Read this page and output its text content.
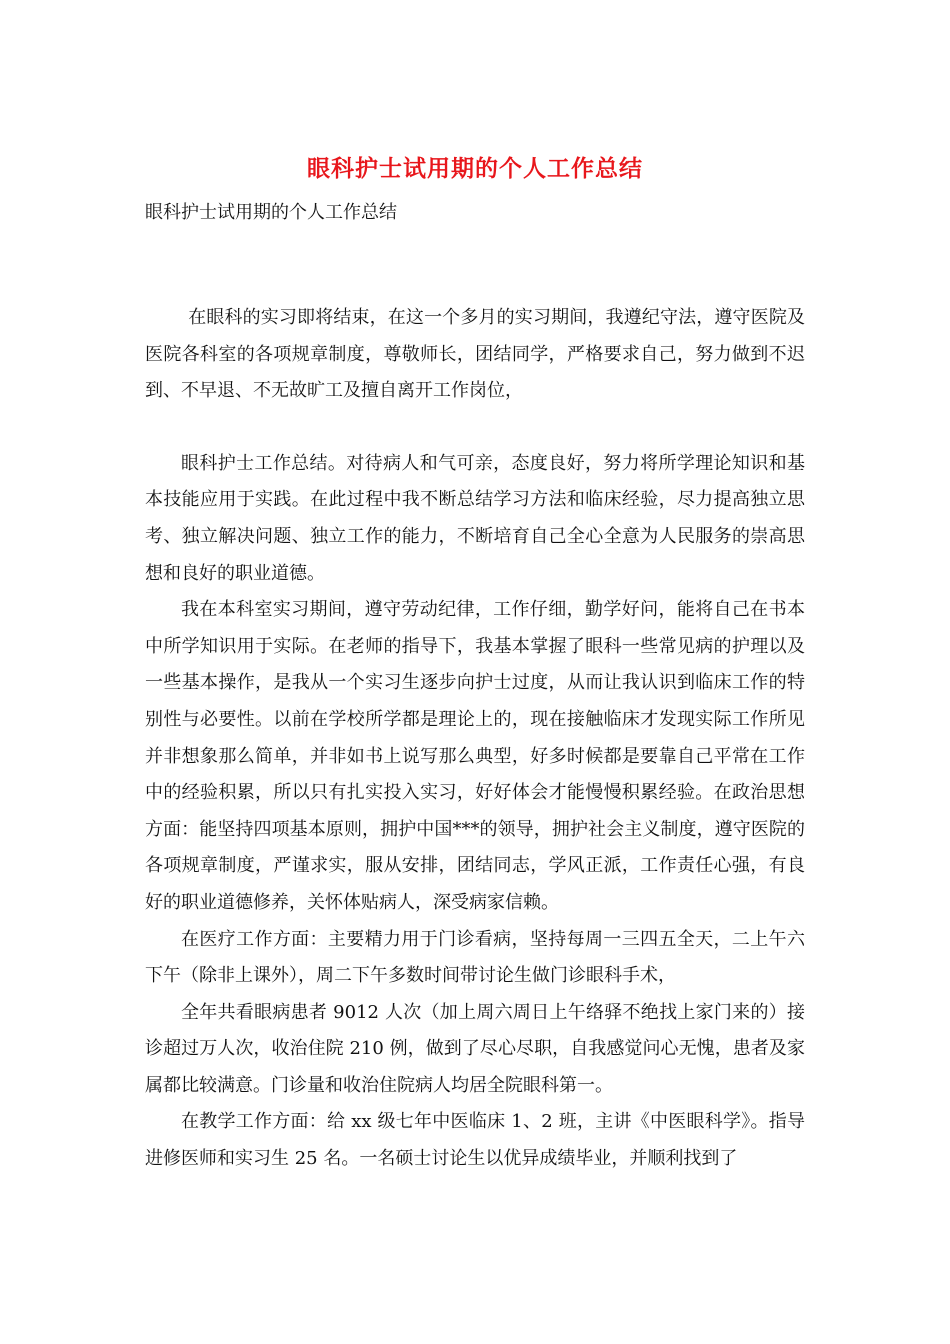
眼科护士试用期的个人工作总结
眼科护士试用期的个人工作总结

在眼科的实习即将结束，在这一个多月的实习期间，我遵纪守法，遵守医院及医院各科室的各项规章制度，尊敬师长，团结同学，严格要求自己，努力做到不迟到、不早退、不无故旷工及擅自离开工作岗位，

眼科护士工作总结。对待病人和气可亲，态度良好，努力将所学理论知识和基本技能应用于实践。在此过程中我不断总结学习方法和临床经验，尽力提高独立思考、独立解决问题、独立工作的能力，不断培育自己全心全意为人民服务的崇高思想和良好的职业道德。

我在本科室实习期间，遵守劳动纪律，工作仔细，勤学好问，能将自己在书本中所学知识用于实际。在老师的指导下，我基本掌握了眼科一些常见病的护理以及一些基本操作，是我从一个实习生逐步向护士过度，从而让我认识到临床工作的特别性与必要性。以前在学校所学都是理论上的，现在接触临床才发现实际工作所见并非想象那么简单，并非如书上说写那么典型，好多时候都是要靠自己平常在工作中的经验积累，所以只有扎实投入实习，好好体会才能慢慢积累经验。在政治思想方面：能坚持四项基本原则，拥护中国***的领导，拥护社会主义制度，遵守医院的各项规章制度，严谨求实，服从安排，团结同志，学风正派，工作责任心强，有良好的职业道德修养，关怀体贴病人，深受病家信赖。

在医疗工作方面：主要精力用于门诊看病，坚持每周一三四五全天，二上午六下午（除非上课外），周二下午多数时间带讨论生做门诊眼科手术，

全年共看眼病患者 9012 人次（加上周六周日上午络驿不绝找上家门来的）接诊超过万人次，收治住院 210 例，做到了尽心尽职，自我感觉问心无愧，患者及家属都比较满意。门诊量和收治住院病人均居全院眼科第一。

在教学工作方面：给 xx 级七年中医临床 1、2 班，主讲《中医眼科学》。指导进修医师和实习生 25 名。一名硕士讨论生以优异成绩毕业，并顺利找到了
